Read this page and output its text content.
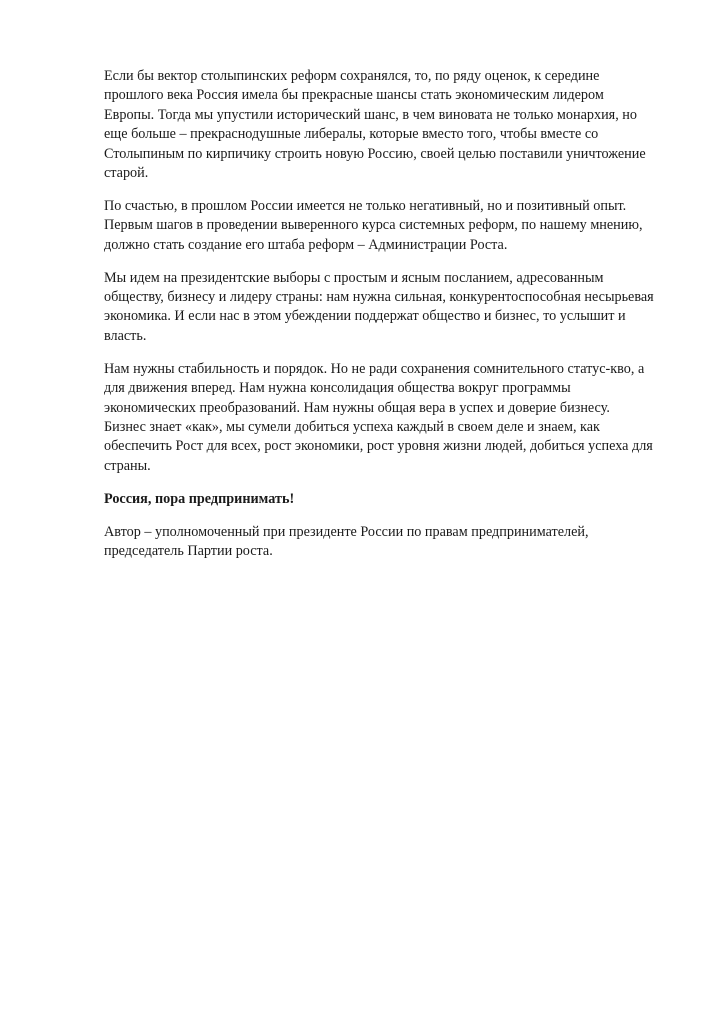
Если бы вектор столыпинских реформ сохранялся, то, по ряду оценок, к середине
прошлого века Россия имела бы прекрасные шансы стать экономическим лидером
Европы. Тогда мы упустили исторический шанс, в чем виновата не только монархия, но
еще больше – прекраснодушные либералы, которые вместо того, чтобы вместе со
Столыпиным по кирпичику строить новую Россию, своей целью поставили уничтожение
старой.

По счастью, в прошлом России имеется не только негативный, но и позитивный опыт.
Первым шагов в проведении выверенного курса системных реформ, по нашему мнению,
должно стать создание его штаба реформ – Администрации Роста.

Мы идем на президентские выборы с простым и ясным посланием, адресованным
обществу, бизнесу и лидеру страны: нам нужна сильная, конкурентоспособная несырьевая
экономика. И если нас в этом убеждении поддержат общество и бизнес, то услышит и
власть.

Нам нужны стабильность и порядок. Но не ради сохранения сомнительного статус-кво, а
для движения вперед. Нам нужна консолидация общества вокруг программы
экономических преобразований. Нам нужны общая вера в успех и доверие бизнесу.
Бизнес знает «как», мы сумели добиться успеха каждый в своем деле и знаем, как
обеспечить Рост для всех, рост экономики, рост уровня жизни людей, добиться успеха для
страны.

Россия, пора предпринимать!

Автор – уполномоченный при президенте России по правам предпринимателей,
председатель Партии роста.
